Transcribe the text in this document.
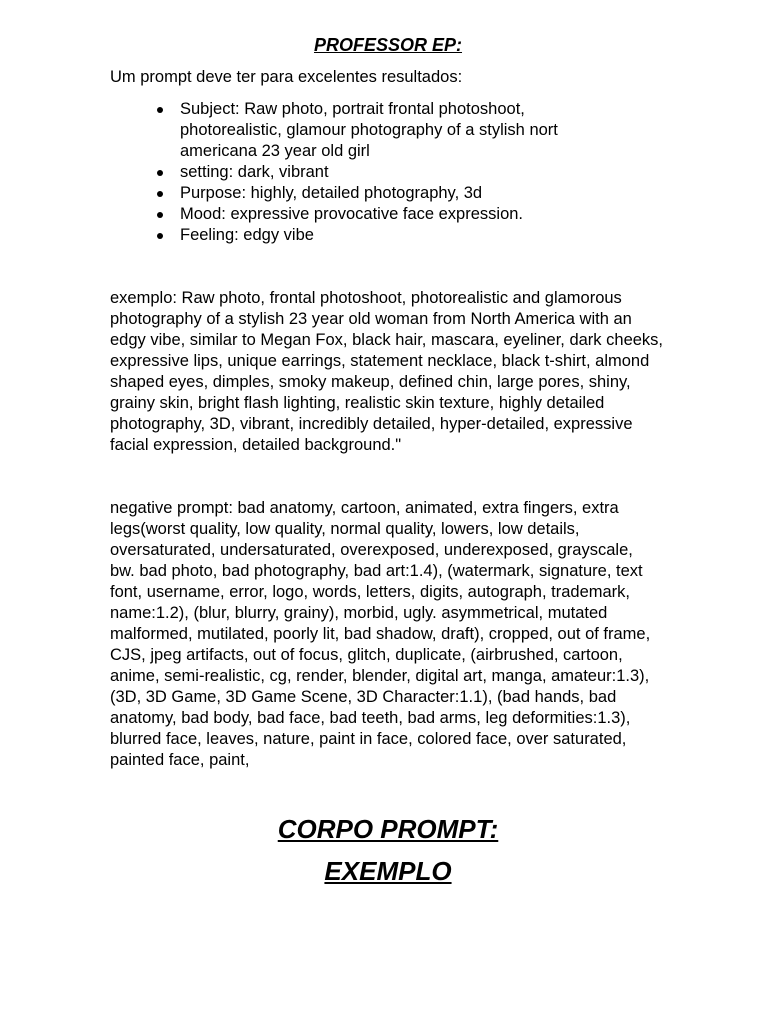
PROFESSOR EP:

Um prompt deve ter para excelentes resultados:

Subject: Raw photo, portrait frontal photoshoot, photorealistic, glamour photography of a stylish nort americana 23 year old girl
setting: dark, vibrant
Purpose: highly, detailed photography, 3d
Mood: expressive provocative face expression.
Feeling: edgy vibe

exemplo: Raw photo, frontal photoshoot, photorealistic and glamorous photography of a stylish 23 year old woman from North America with an edgy vibe, similar to Megan Fox, black hair, mascara, eyeliner, dark cheeks, expressive lips, unique earrings, statement necklace, black t-shirt, almond shaped eyes, dimples, smoky makeup, defined chin, large pores, shiny, grainy skin, bright flash lighting, realistic skin texture, highly detailed photography, 3D, vibrant, incredibly detailed, hyper-detailed, expressive facial expression, detailed background."

negative prompt: bad anatomy, cartoon, animated, extra fingers, extra legs(worst quality, low quality, normal quality, lowers, low details, oversaturated, undersaturated, overexposed, underexposed, grayscale, bw. bad photo, bad photography, bad art:1.4), (watermark, signature, text font, username, error, logo, words, letters, digits, autograph, trademark, name:1.2), (blur, blurry, grainy), morbid, ugly. asymmetrical, mutated malformed, mutilated, poorly lit, bad shadow, draft), cropped, out of frame, CJS, jpeg artifacts, out of focus, glitch, duplicate, (airbrushed, cartoon, anime, semi-realistic, cg, render, blender, digital art, manga, amateur:1.3), (3D, 3D Game, 3D Game Scene, 3D Character:1.1), (bad hands, bad anatomy, bad body, bad face, bad teeth, bad arms, leg deformities:1.3), blurred face, leaves, nature, paint in face, colored face, over saturated, painted face, paint,

CORPO PROMPT:

EXEMPLO
